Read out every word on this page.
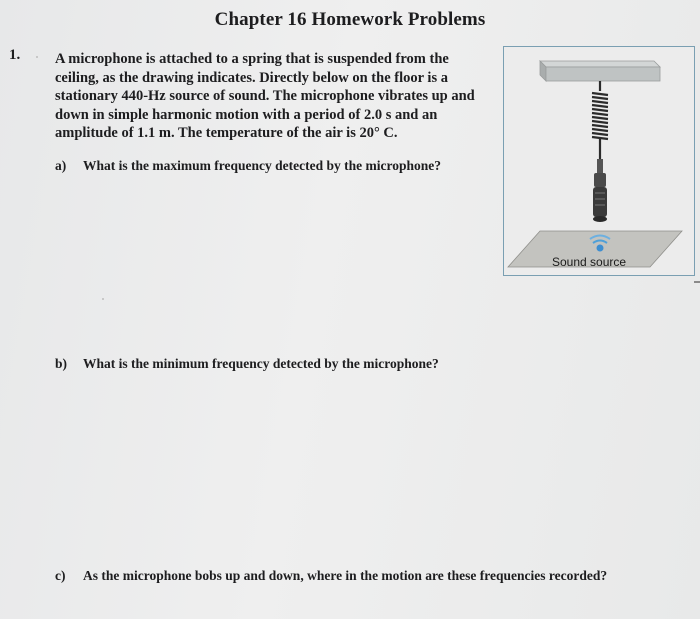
Chapter 16 Homework Problems
1. A microphone is attached to a spring that is suspended from the
ceiling, as the drawing indicates. Directly below on the floor is a
stationary 440-Hz source of sound. The microphone vibrates up and
down in simple harmonic motion with a period of 2.0 s and an
amplitude of 1.1 m. The temperature of the air is 20° C.
a) What is the maximum frequency detected by the microphone?
b) What is the minimum frequency detected by the microphone?
c) As the microphone bobs up and down, where in the motion are these frequencies recorded?
Sound source
